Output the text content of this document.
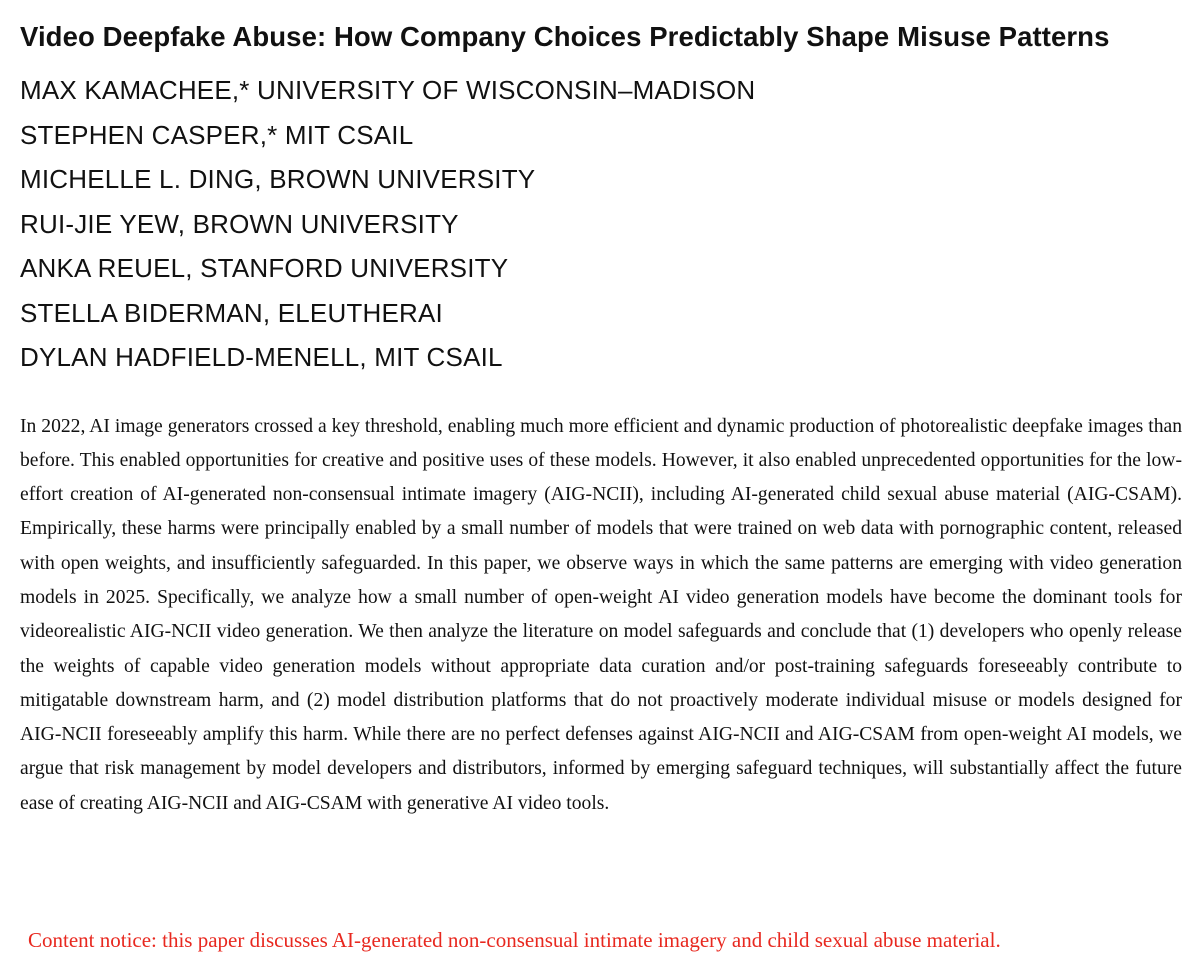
Video Deepfake Abuse: How Company Choices Predictably Shape Misuse Patterns
MAX KAMACHEE,* UNIVERSITY OF WISCONSIN–MADISON
STEPHEN CASPER,* MIT CSAIL
MICHELLE L. DING, BROWN UNIVERSITY
RUI-JIE YEW, BROWN UNIVERSITY
ANKA REUEL, STANFORD UNIVERSITY
STELLA BIDERMAN, ELEUTHERAI
DYLAN HADFIELD-MENELL, MIT CSAIL

In 2022, AI image generators crossed a key threshold, enabling much more efficient and dynamic production of photorealistic deepfake images than before. This enabled opportunities for creative and positive uses of these models. However, it also enabled unprecedented opportunities for the low-effort creation of AI-generated non-consensual intimate imagery (AIG-NCII), including AI-generated child sexual abuse material (AIG-CSAM). Empirically, these harms were principally enabled by a small number of models that were trained on web data with pornographic content, released with open weights, and insufficiently safeguarded. In this paper, we observe ways in which the same patterns are emerging with video generation models in 2025. Specifically, we analyze how a small number of open-weight AI video generation models have become the dominant tools for videorealistic AIG-NCII video generation. We then analyze the literature on model safeguards and conclude that (1) developers who openly release the weights of capable video generation models without appropriate data curation and/or post-training safeguards foreseeably contribute to mitigatable downstream harm, and (2) model distribution platforms that do not proactively moderate individual misuse or models designed for AIG-NCII foreseeably amplify this harm. While there are no perfect defenses against AIG-NCII and AIG-CSAM from open-weight AI models, we argue that risk management by model developers and distributors, informed by emerging safeguard techniques, will substantially affect the future ease of creating AIG-NCII and AIG-CSAM with generative AI video tools.

Content notice: this paper discusses AI-generated non-consensual intimate imagery and child sexual abuse material.
